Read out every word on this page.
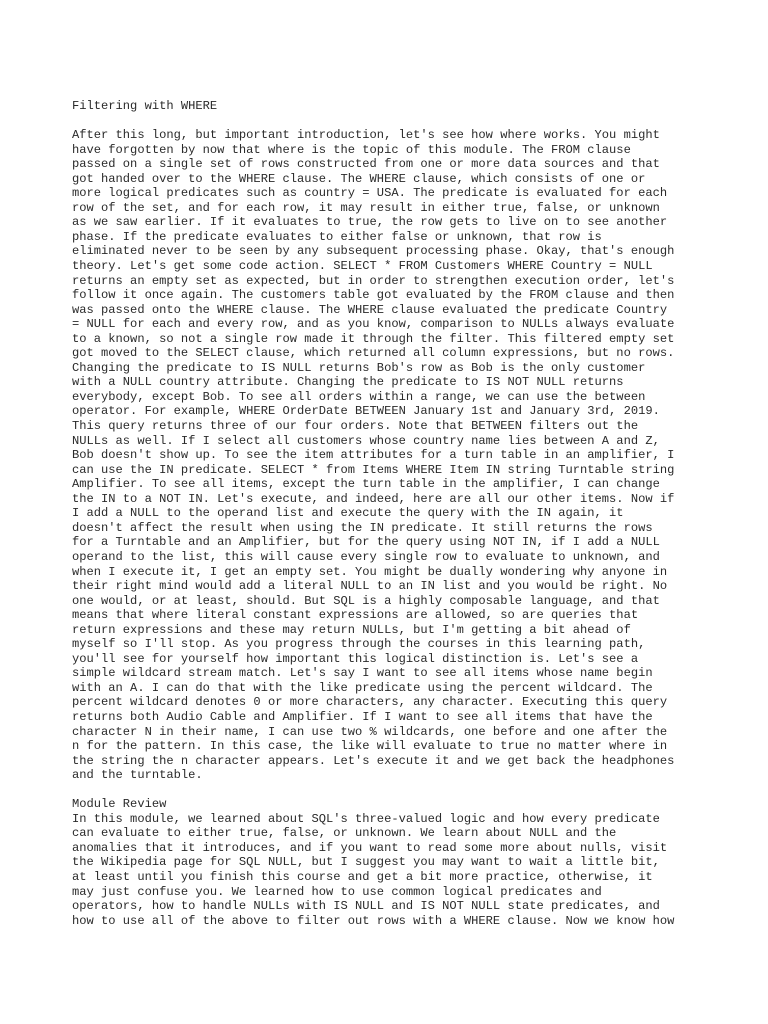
Filtering with WHERE
After this long, but important introduction, let's see how where works. You might
have forgotten by now that where is the topic of this module. The FROM clause
passed on a single set of rows constructed from one or more data sources and that
got handed over to the WHERE clause. The WHERE clause, which consists of one or
more logical predicates such as country = USA. The predicate is evaluated for each
row of the set, and for each row, it may result in either true, false, or unknown
as we saw earlier. If it evaluates to true, the row gets to live on to see another
phase. If the predicate evaluates to either false or unknown, that row is
eliminated never to be seen by any subsequent processing phase. Okay, that's enough
theory. Let's get some code action. SELECT * FROM Customers WHERE Country = NULL
returns an empty set as expected, but in order to strengthen execution order, let's
follow it once again. The customers table got evaluated by the FROM clause and then
was passed onto the WHERE clause. The WHERE clause evaluated the predicate Country
= NULL for each and every row, and as you know, comparison to NULLs always evaluate
to a known, so not a single row made it through the filter. This filtered empty set
got moved to the SELECT clause, which returned all column expressions, but no rows.
Changing the predicate to IS NULL returns Bob's row as Bob is the only customer
with a NULL country attribute. Changing the predicate to IS NOT NULL returns
everybody, except Bob. To see all orders within a range, we can use the between
operator. For example, WHERE OrderDate BETWEEN January 1st and January 3rd, 2019.
This query returns three of our four orders. Note that BETWEEN filters out the
NULLs as well. If I select all customers whose country name lies between A and Z,
Bob doesn't show up. To see the item attributes for a turn table in an amplifier, I
can use the IN predicate. SELECT * from Items WHERE Item IN string Turntable string
Amplifier. To see all items, except the turn table in the amplifier, I can change
the IN to a NOT IN. Let's execute, and indeed, here are all our other items. Now if
I add a NULL to the operand list and execute the query with the IN again, it
doesn't affect the result when using the IN predicate. It still returns the rows
for a Turntable and an Amplifier, but for the query using NOT IN, if I add a NULL
operand to the list, this will cause every single row to evaluate to unknown, and
when I execute it, I get an empty set. You might be dually wondering why anyone in
their right mind would add a literal NULL to an IN list and you would be right. No
one would, or at least, should. But SQL is a highly composable language, and that
means that where literal constant expressions are allowed, so are queries that
return expressions and these may return NULLs, but I'm getting a bit ahead of
myself so I'll stop. As you progress through the courses in this learning path,
you'll see for yourself how important this logical distinction is. Let's see a
simple wildcard stream match. Let's say I want to see all items whose name begin
with an A. I can do that with the like predicate using the percent wildcard. The
percent wildcard denotes 0 or more characters, any character. Executing this query
returns both Audio Cable and Amplifier. If I want to see all items that have the
character N in their name, I can use two % wildcards, one before and one after the
n for the pattern. In this case, the like will evaluate to true no matter where in
the string the n character appears. Let's execute it and we get back the headphones
and the turntable.
Module Review
In this module, we learned about SQL's three-valued logic and how every predicate
can evaluate to either true, false, or unknown. We learn about NULL and the
anomalies that it introduces, and if you want to read some more about nulls, visit
the Wikipedia page for SQL NULL, but I suggest you may want to wait a little bit,
at least until you finish this course and get a bit more practice, otherwise, it
may just confuse you. We learned how to use common logical predicates and
operators, how to handle NULLs with IS NULL and IS NOT NULL state predicates, and
how to use all of the above to filter out rows with a WHERE clause. Now we know how
